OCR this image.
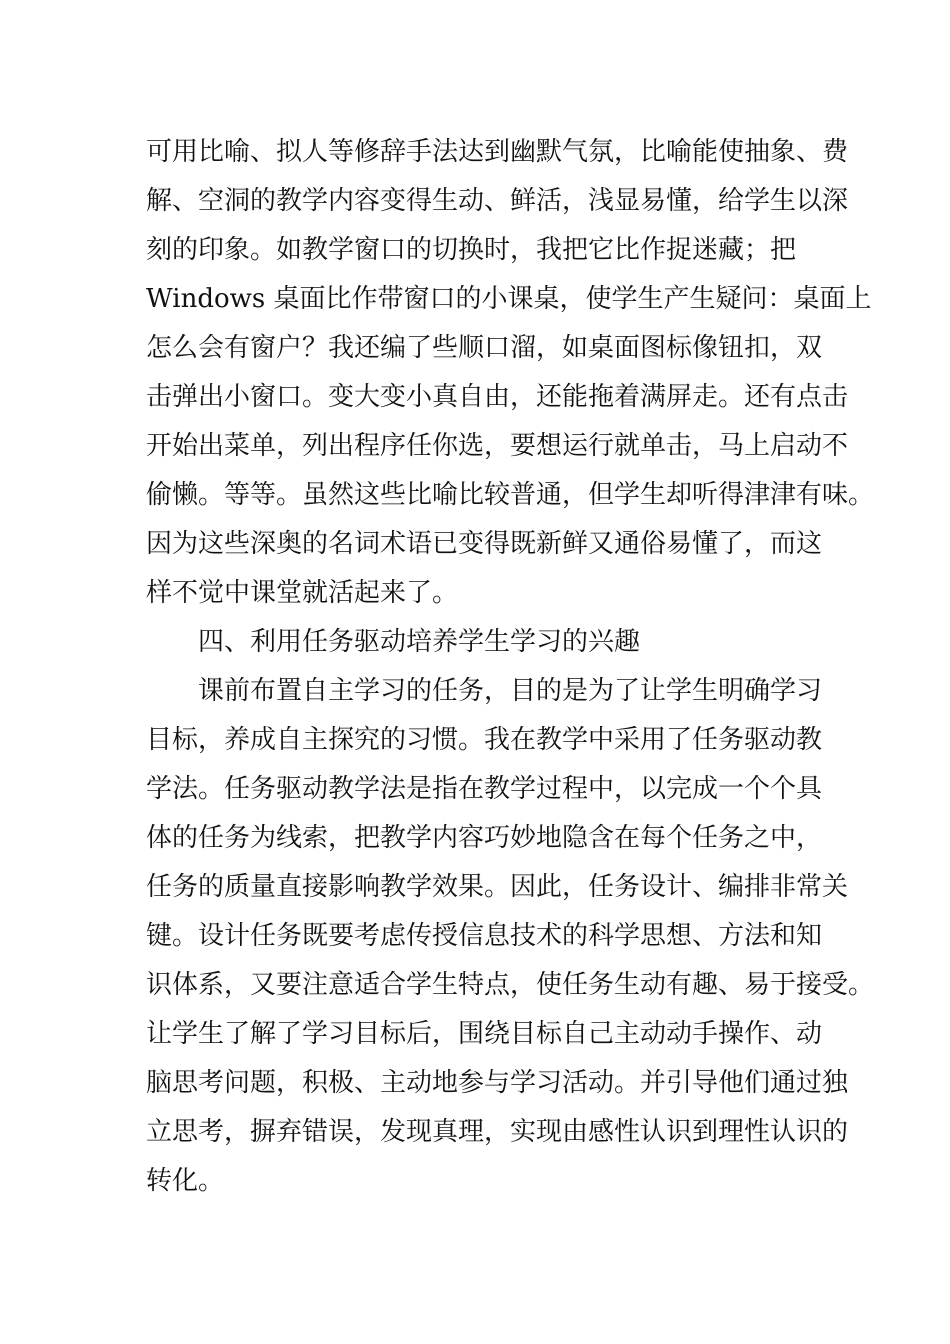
可用比喻、拟人等修辞手法达到幽默气氛，比喻能使抽象、费
解、空洞的教学内容变得生动、鲜活，浅显易懂，给学生以深
刻的印象。如教学窗口的切换时，我把它比作捉迷藏；把
Windows 桌面比作带窗口的小课桌，使学生产生疑问：桌面上
怎么会有窗户？我还编了些顺口溜，如桌面图标像钮扣，双
击弹出小窗口。变大变小真自由，还能拖着满屏走。还有点击
开始出菜单，列出程序任你选，要想运行就单击，马上启动不
偷懒。等等。虽然这些比喻比较普通，但学生却听得津津有味。
因为这些深奥的名词术语已变得既新鲜又通俗易懂了，而这
样不觉中课堂就活起来了。
四、利用任务驱动培养学生学习的兴趣
课前布置自主学习的任务，目的是为了让学生明确学习
目标，养成自主探究的习惯。我在教学中采用了任务驱动教
学法。任务驱动教学法是指在教学过程中，以完成一个个具
体的任务为线索，把教学内容巧妙地隐含在每个任务之中，
任务的质量直接影响教学效果。因此，任务设计、编排非常关
键。设计任务既要考虑传授信息技术的科学思想、方法和知
识体系，又要注意适合学生特点，使任务生动有趣、易于接受。
让学生了解了学习目标后，围绕目标自己主动动手操作、动
脑思考问题，积极、主动地参与学习活动。并引导他们通过独
立思考，摒弃错误，发现真理，实现由感性认识到理性认识的
转化。
